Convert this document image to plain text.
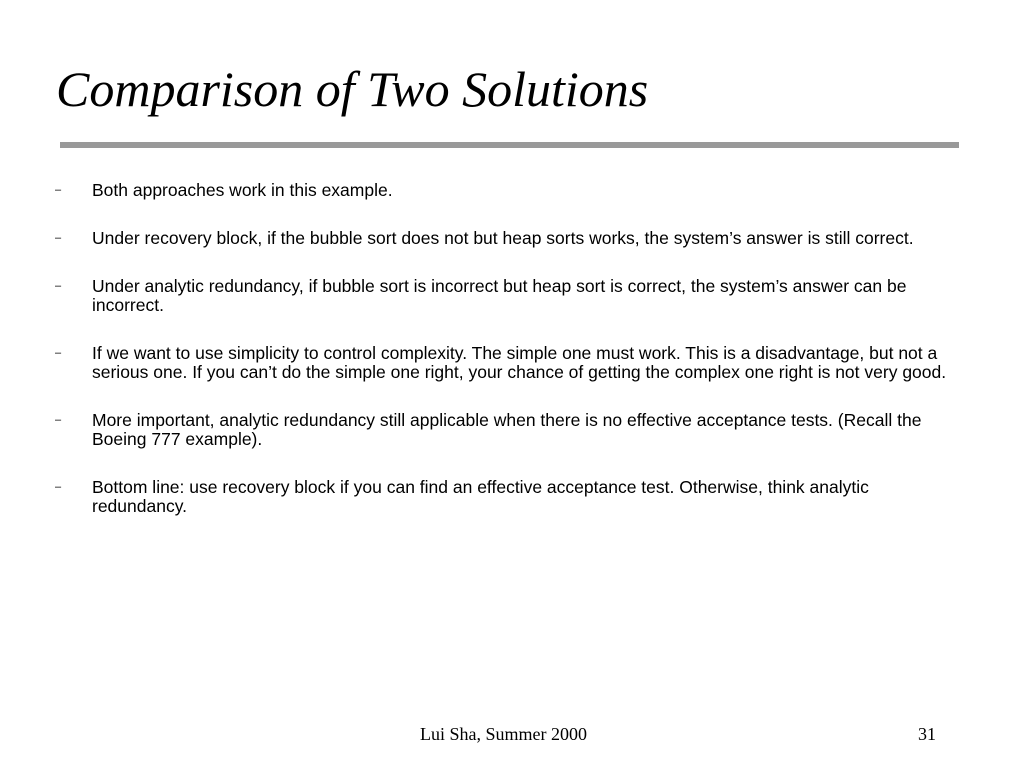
Comparison of Two Solutions
– Both approaches work in this example.
– Under recovery block, if the bubble sort does not but heap sorts works, the system’s answer is still correct.
– Under analytic redundancy, if bubble sort is incorrect but heap sort is correct, the system’s answer can be incorrect.
– If we want to use simplicity to control complexity. The simple one must work. This is a disadvantage, but not a serious one. If you can’t do the simple one right, your chance of getting the complex one right is not very good.
– More important, analytic redundancy still applicable when there is no effective acceptance tests. (Recall the Boeing 777 example).
– Bottom line: use recovery block if you can find an effective acceptance test. Otherwise, think analytic redundancy.
Lui Sha, Summer 2000	31
